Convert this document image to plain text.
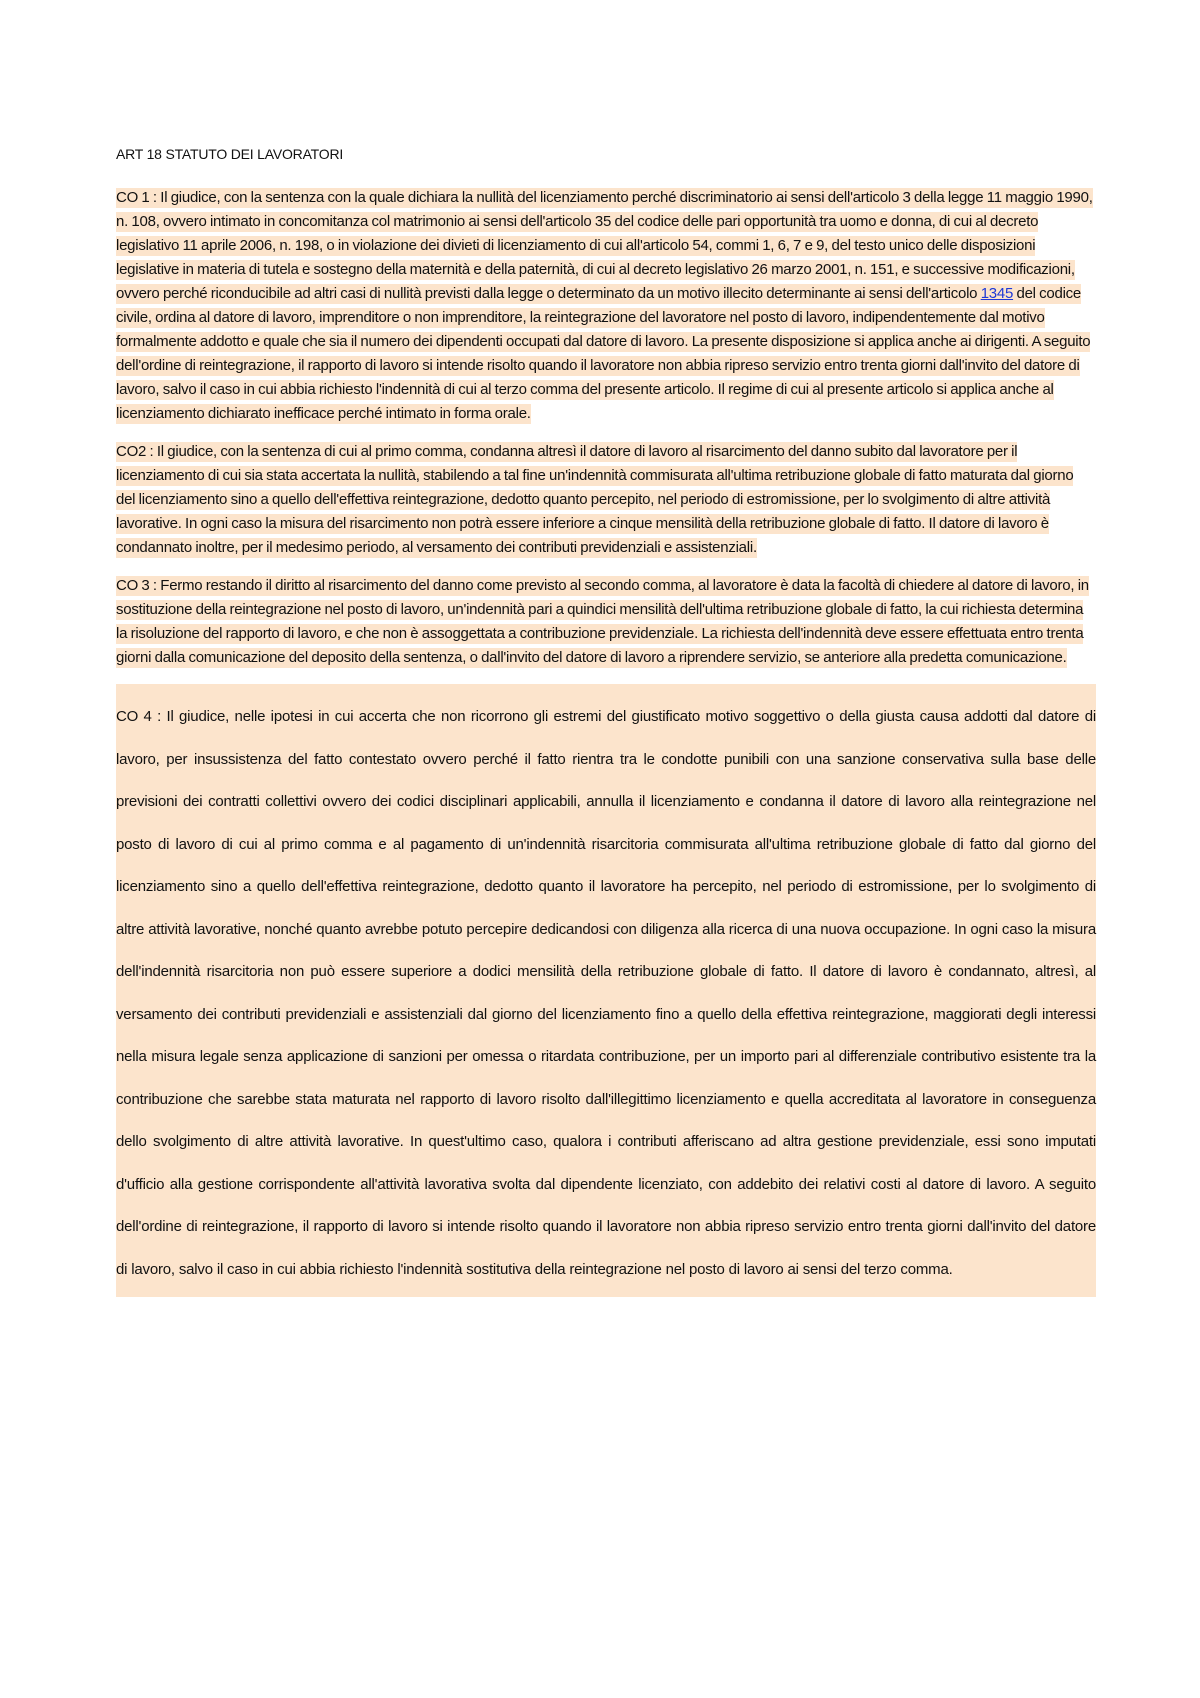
ART 18 STATUTO DEI LAVORATORI

CO 1 : Il giudice, con la sentenza con la quale dichiara la nullità del licenziamento perché discriminatorio ai sensi dell'articolo 3 della legge 11 maggio 1990, n. 108, ovvero intimato in concomitanza col matrimonio ai sensi dell'articolo 35 del codice delle pari opportunità tra uomo e donna, di cui al decreto legislativo 11 aprile 2006, n. 198, o in violazione dei divieti di licenziamento di cui all'articolo 54, commi 1, 6, 7 e 9, del testo unico delle disposizioni legislative in materia di tutela e sostegno della maternità e della paternità, di cui al decreto legislativo 26 marzo 2001, n. 151, e successive modificazioni, ovvero perché riconducibile ad altri casi di nullità previsti dalla legge o determinato da un motivo illecito determinante ai sensi dell'articolo 1345 del codice civile, ordina al datore di lavoro, imprenditore o non imprenditore, la reintegrazione del lavoratore nel posto di lavoro, indipendentemente dal motivo formalmente addotto e quale che sia il numero dei dipendenti occupati dal datore di lavoro. La presente disposizione si applica anche ai dirigenti. A seguito dell'ordine di reintegrazione, il rapporto di lavoro si intende risolto quando il lavoratore non abbia ripreso servizio entro trenta giorni dall'invito del datore di lavoro, salvo il caso in cui abbia richiesto l'indennità di cui al terzo comma del presente articolo. Il regime di cui al presente articolo si applica anche al licenziamento dichiarato inefficace perché intimato in forma orale.

CO2 : Il giudice, con la sentenza di cui al primo comma, condanna altresì il datore di lavoro al risarcimento del danno subito dal lavoratore per il licenziamento di cui sia stata accertata la nullità, stabilendo a tal fine un'indennità commisurata all'ultima retribuzione globale di fatto maturata dal giorno del licenziamento sino a quello dell'effettiva reintegrazione, dedotto quanto percepito, nel periodo di estromissione, per lo svolgimento di altre attività lavorative. In ogni caso la misura del risarcimento non potrà essere inferiore a cinque mensilità della retribuzione globale di fatto. Il datore di lavoro è condannato inoltre, per il medesimo periodo, al versamento dei contributi previdenziali e assistenziali.

CO 3 : Fermo restando il diritto al risarcimento del danno come previsto al secondo comma, al lavoratore è data la facoltà di chiedere al datore di lavoro, in sostituzione della reintegrazione nel posto di lavoro, un'indennità pari a quindici mensilità dell'ultima retribuzione globale di fatto, la cui richiesta determina la risoluzione del rapporto di lavoro, e che non è assoggettata a contribuzione previdenziale. La richiesta dell'indennità deve essere effettuata entro trenta giorni dalla comunicazione del deposito della sentenza, o dall'invito del datore di lavoro a riprendere servizio, se anteriore alla predetta comunicazione.

CO 4 : Il giudice, nelle ipotesi in cui accerta che non ricorrono gli estremi del giustificato motivo soggettivo o della giusta causa addotti dal datore di lavoro, per insussistenza del fatto contestato ovvero perché il fatto rientra tra le condotte punibili con una sanzione conservativa sulla base delle previsioni dei contratti collettivi ovvero dei codici disciplinari applicabili, annulla il licenziamento e condanna il datore di lavoro alla reintegrazione nel posto di lavoro di cui al primo comma e al pagamento di un'indennità risarcitoria commisurata all'ultima retribuzione globale di fatto dal giorno del licenziamento sino a quello dell'effettiva reintegrazione, dedotto quanto il lavoratore ha percepito, nel periodo di estromissione, per lo svolgimento di altre attività lavorative, nonché quanto avrebbe potuto percepire dedicandosi con diligenza alla ricerca di una nuova occupazione. In ogni caso la misura dell'indennità risarcitoria non può essere superiore a dodici mensilità della retribuzione globale di fatto. Il datore di lavoro è condannato, altresì, al versamento dei contributi previdenziali e assistenziali dal giorno del licenziamento fino a quello della effettiva reintegrazione, maggiorati degli interessi nella misura legale senza applicazione di sanzioni per omessa o ritardata contribuzione, per un importo pari al differenziale contributivo esistente tra la contribuzione che sarebbe stata maturata nel rapporto di lavoro risolto dall'illegittimo licenziamento e quella accreditata al lavoratore in conseguenza dello svolgimento di altre attività lavorative. In quest'ultimo caso, qualora i contributi afferiscano ad altra gestione previdenziale, essi sono imputati d'ufficio alla gestione corrispondente all'attività lavorativa svolta dal dipendente licenziato, con addebito dei relativi costi al datore di lavoro. A seguito dell'ordine di reintegrazione, il rapporto di lavoro si intende risolto quando il lavoratore non abbia ripreso servizio entro trenta giorni dall'invito del datore di lavoro, salvo il caso in cui abbia richiesto l'indennità sostitutiva della reintegrazione nel posto di lavoro ai sensi del terzo comma.
